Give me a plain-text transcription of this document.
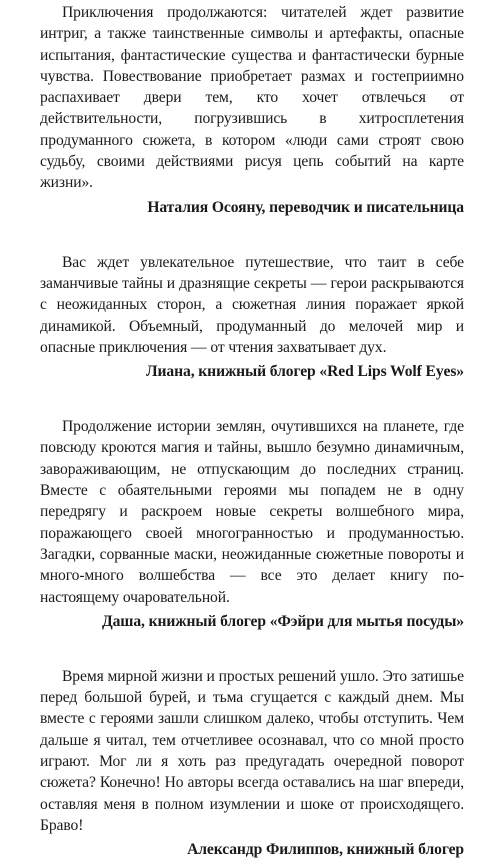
Приключения продолжаются: читателей ждет развитие интриг, а также таинственные символы и артефакты, опасные испытания, фантастические существа и фантастически бурные чувства. Повествование приобретает размах и гостеприимно распахивает двери тем, кто хочет отвлечься от действительности, погрузившись в хитросплетения продуманного сюжета, в котором «люди сами строят свою судьбу, своими действиями рисуя цепь событий на карте жизни».

Наталия Осояну, переводчик и писательница

Вас ждет увлекательное путешествие, что таит в себе заманчивые тайны и дразнящие секреты — герои раскрываются с неожиданных сторон, а сюжетная линия поражает яркой динамикой. Объемный, продуманный до мелочей мир и опасные приключения — от чтения захватывает дух.

Лиана, книжный блогер «Red Lips Wolf Eyes»

Продолжение истории землян, очутившихся на планете, где повсюду кроются магия и тайны, вышло безумно динамичным, завораживающим, не отпускающим до последних страниц. Вместе с обаятельными героями мы попадем не в одну передрягу и раскроем новые секреты волшебного мира, поражающего своей многогранностью и продуманностью. Загадки, сорванные маски, неожиданные сюжетные повороты и много-много волшебства — все это делает книгу по-настоящему очаровательной.

Даша, книжный блогер «Фэйри для мытья посуды»

Время мирной жизни и простых решений ушло. Это затишье перед большой бурей, и тьма сгущается с каждый днем. Мы вместе с героями зашли слишком далеко, чтобы отступить. Чем дальше я читал, тем отчетливее осознавал, что со мной просто играют. Мог ли я хоть раз предугадать очередной поворот сюжета? Конечно! Но авторы всегда оставались на шаг впереди, оставляя меня в полном изумлении и шоке от происходящего. Браво!

Александр Филиппов, книжный блогер
